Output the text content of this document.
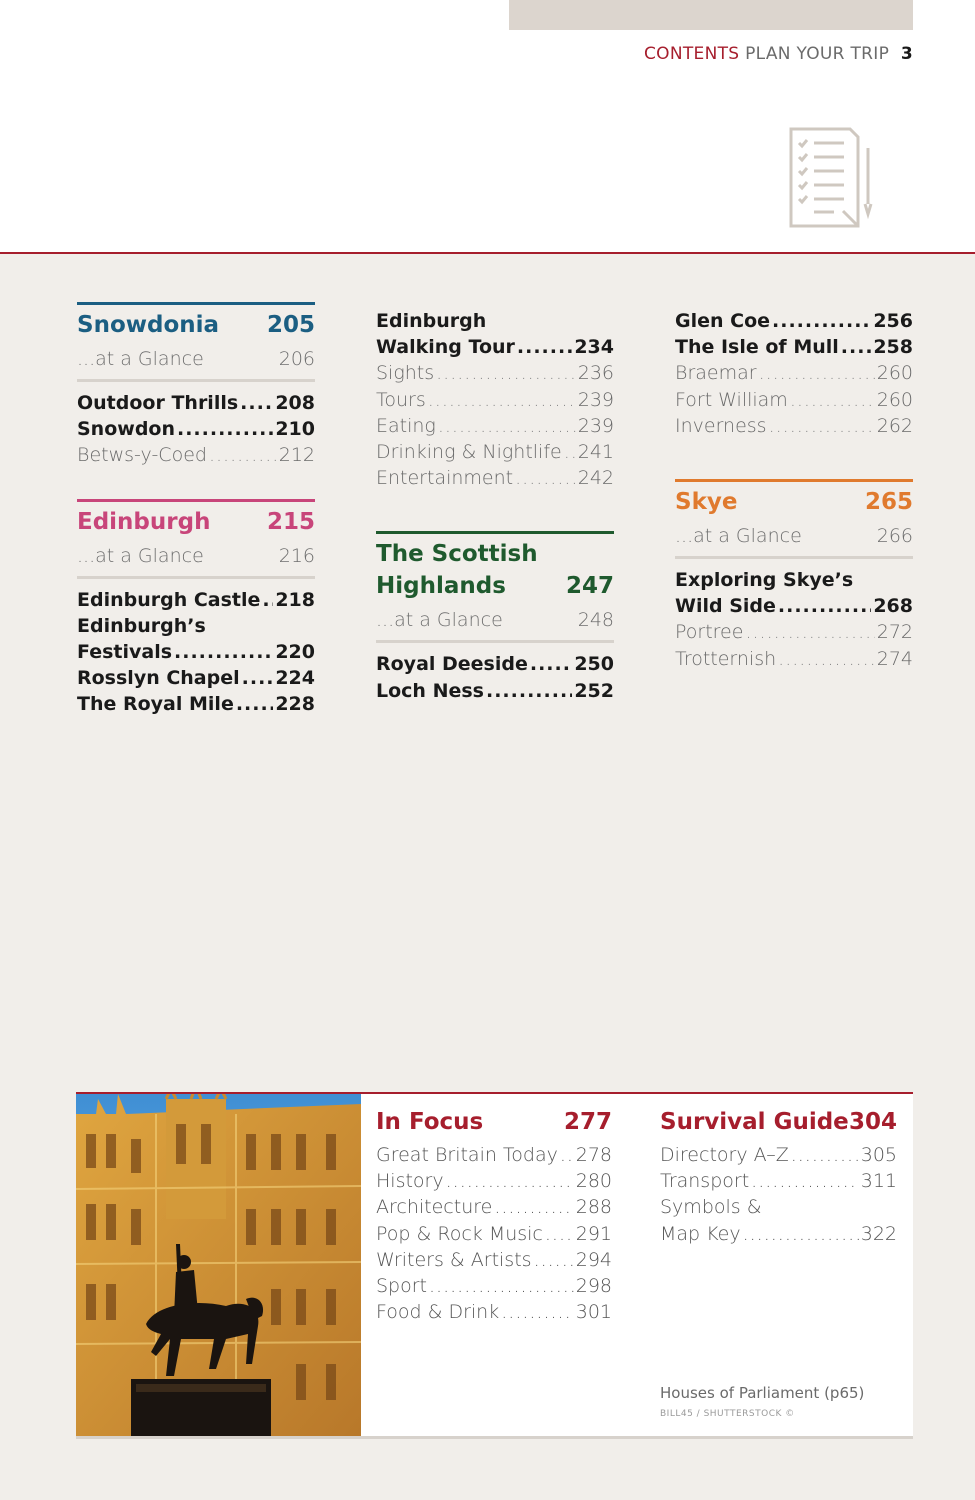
CONTENTS PLAN YOUR TRIP 3
Snowdonia 205
...at a Glance	206
Outdoor Thrills ..... 208
Snowdon .....	210
Betws-y-Coed .....	212
Edinburgh 215
...at a Glance	216
Edinburgh Castle ..... 218
Edinburgh’s
Festivals .....	220
Rosslyn Chapel ..... 224
The Royal Mile ..... 228
Edinburgh
Walking Tour .....	234
Sights .....	236
Tours .....	239
Eating .....	239
Drinking & Nightlife ..... 241
Entertainment .....	242
The Scottish
Highlands	247
...at a Glance	248
Royal Deeside ..... 250
Loch Ness .....	252
Glen Coe .....	256
The Isle of Mull ..... 258
Braemar .....	260
Fort William .....	260
Inverness .....	262
Skye	265
...at a Glance	266
Exploring Skye’s
Wild Side .....	268
Portree .....	272
Trotternish .....	274
In Focus	277
Great Britain Today ..... 278
History .....	280
Architecture .....	288
Pop & Rock Music ..... 291
Writers & Artists ..... 294
Sport .....	298
Food & Drink .....	301
Survival Guide 304
Directory A–Z .....	305
Transport .....	311
Symbols &
Map Key .....	322
Houses of Parliament (p65)
BILL45 / SHUTTERSTOCK ©
